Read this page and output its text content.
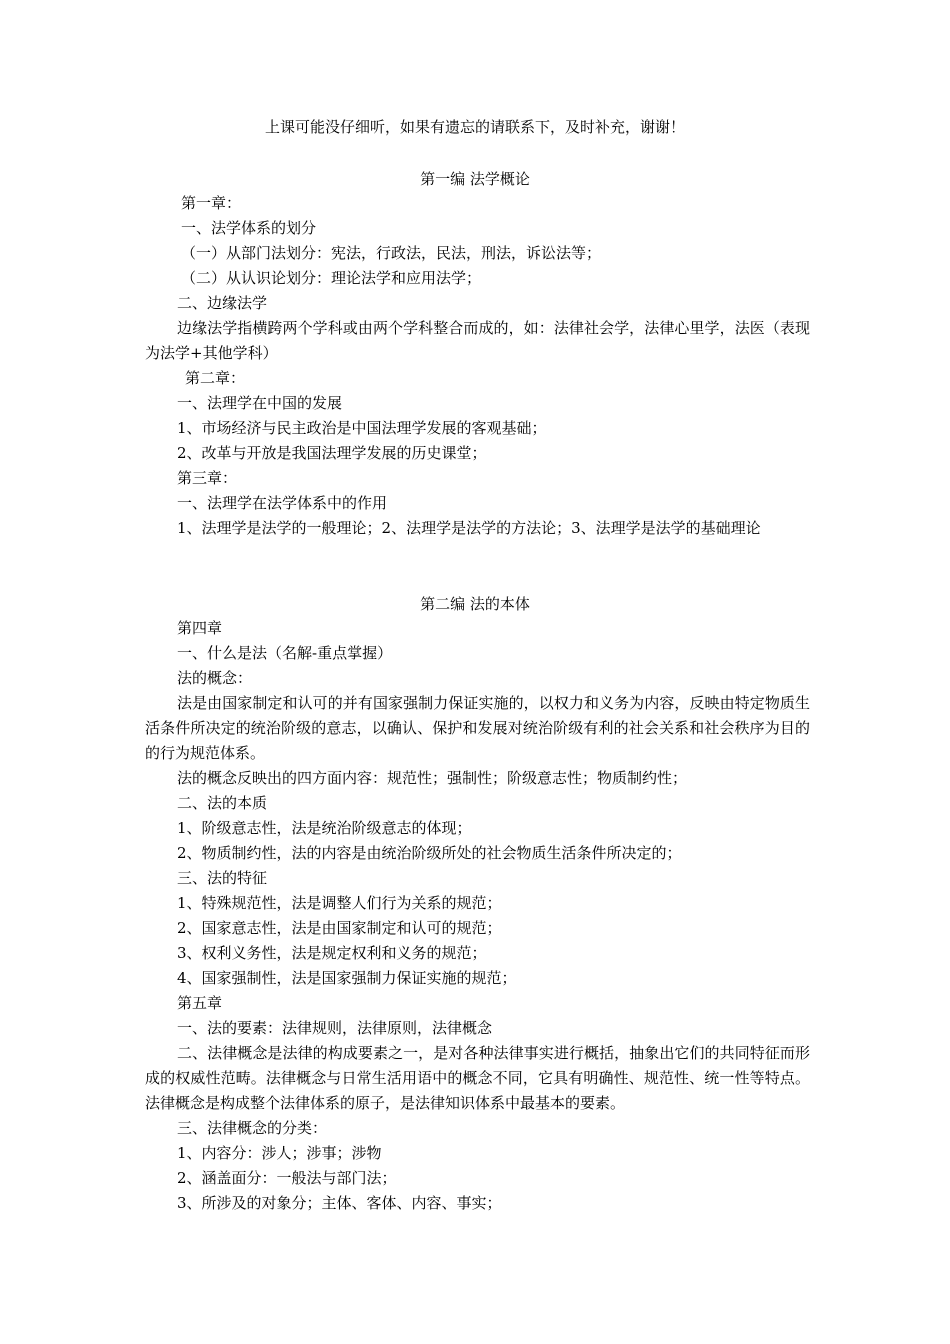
上课可能没仔细听，如果有遗忘的请联系下，及时补充，谢谢！
第一编 法学概论
第一章：
一、法学体系的划分
（一）从部门法划分：宪法，行政法，民法，刑法，诉讼法等；
（二）从认识论划分：理论法学和应用法学；
二、边缘法学
边缘法学指横跨两个学科或由两个学科整合而成的，如：法律社会学，法律心里学，法医（表现为法学+其他学科）
第二章：
一、法理学在中国的发展
1、市场经济与民主政治是中国法理学发展的客观基础；
2、改革与开放是我国法理学发展的历史课堂；
第三章：
一、法理学在法学体系中的作用
1、法理学是法学的一般理论；2、法理学是法学的方法论；3、法理学是法学的基础理论
第二编 法的本体
第四章
一、什么是法（名解-重点掌握）
法的概念：
法是由国家制定和认可的并有国家强制力保证实施的，以权力和义务为内容，反映由特定物质生活条件所决定的统治阶级的意志，以确认、保护和发展对统治阶级有利的社会关系和社会秩序为目的的行为规范体系。
法的概念反映出的四方面内容：规范性；强制性；阶级意志性；物质制约性；
二、法的本质
1、阶级意志性，法是统治阶级意志的体现；
2、物质制约性，法的内容是由统治阶级所处的社会物质生活条件所决定的；
三、法的特征
1、特殊规范性，法是调整人们行为关系的规范；
2、国家意志性，法是由国家制定和认可的规范；
3、权利义务性，法是规定权利和义务的规范；
4、国家强制性，法是国家强制力保证实施的规范；
第五章
一、法的要素：法律规则，法律原则，法律概念
二、法律概念是法律的构成要素之一，是对各种法律事实进行概括，抽象出它们的共同特征而形成的权威性范畴。法律概念与日常生活用语中的概念不同，它具有明确性、规范性、统一性等特点。法律概念是构成整个法律体系的原子，是法律知识体系中最基本的要素。
三、法律概念的分类：
1、内容分：涉人；涉事；涉物
2、涵盖面分：一般法与部门法；
3、所涉及的对象分；主体、客体、内容、事实；
